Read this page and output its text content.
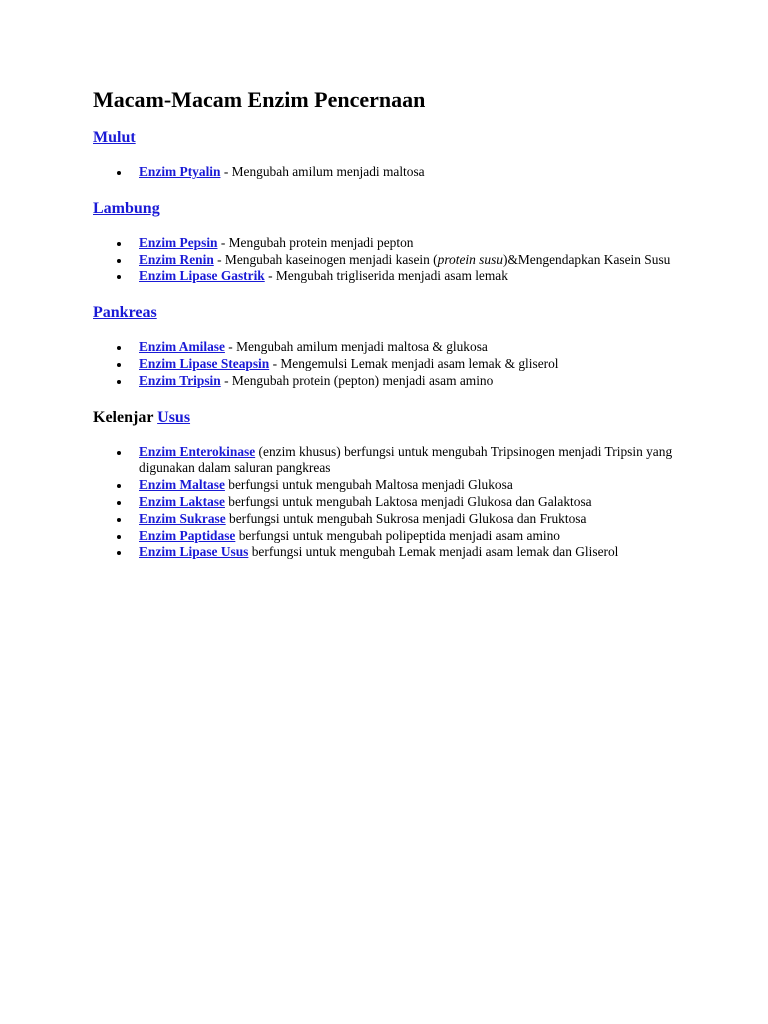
Macam-Macam Enzim Pencernaan
Mulut
Enzim Ptyalin - Mengubah amilum menjadi maltosa
Lambung
Enzim Pepsin - Mengubah protein menjadi pepton
Enzim Renin - Mengubah kaseinogen menjadi kasein (protein susu)&Mengendapkan Kasein Susu
Enzim Lipase Gastrik - Mengubah trigliserida menjadi asam lemak
Pankreas
Enzim Amilase - Mengubah amilum menjadi maltosa & glukosa
Enzim Lipase Steapsin - Mengemulsi Lemak menjadi asam lemak & gliserol
Enzim Tripsin - Mengubah protein (pepton) menjadi asam amino
Kelenjar Usus
Enzim Enterokinase (enzim khusus) berfungsi untuk mengubah Tripsinogen menjadi Tripsin yang digunakan dalam saluran pangkreas
Enzim Maltase berfungsi untuk mengubah Maltosa menjadi Glukosa
Enzim Laktase berfungsi untuk mengubah Laktosa menjadi Glukosa dan Galaktosa
Enzim Sukrase berfungsi untuk mengubah Sukrosa menjadi Glukosa dan Fruktosa
Enzim Paptidase berfungsi untuk mengubah polipeptida menjadi asam amino
Enzim Lipase Usus berfungsi untuk mengubah Lemak menjadi asam lemak dan Gliserol
